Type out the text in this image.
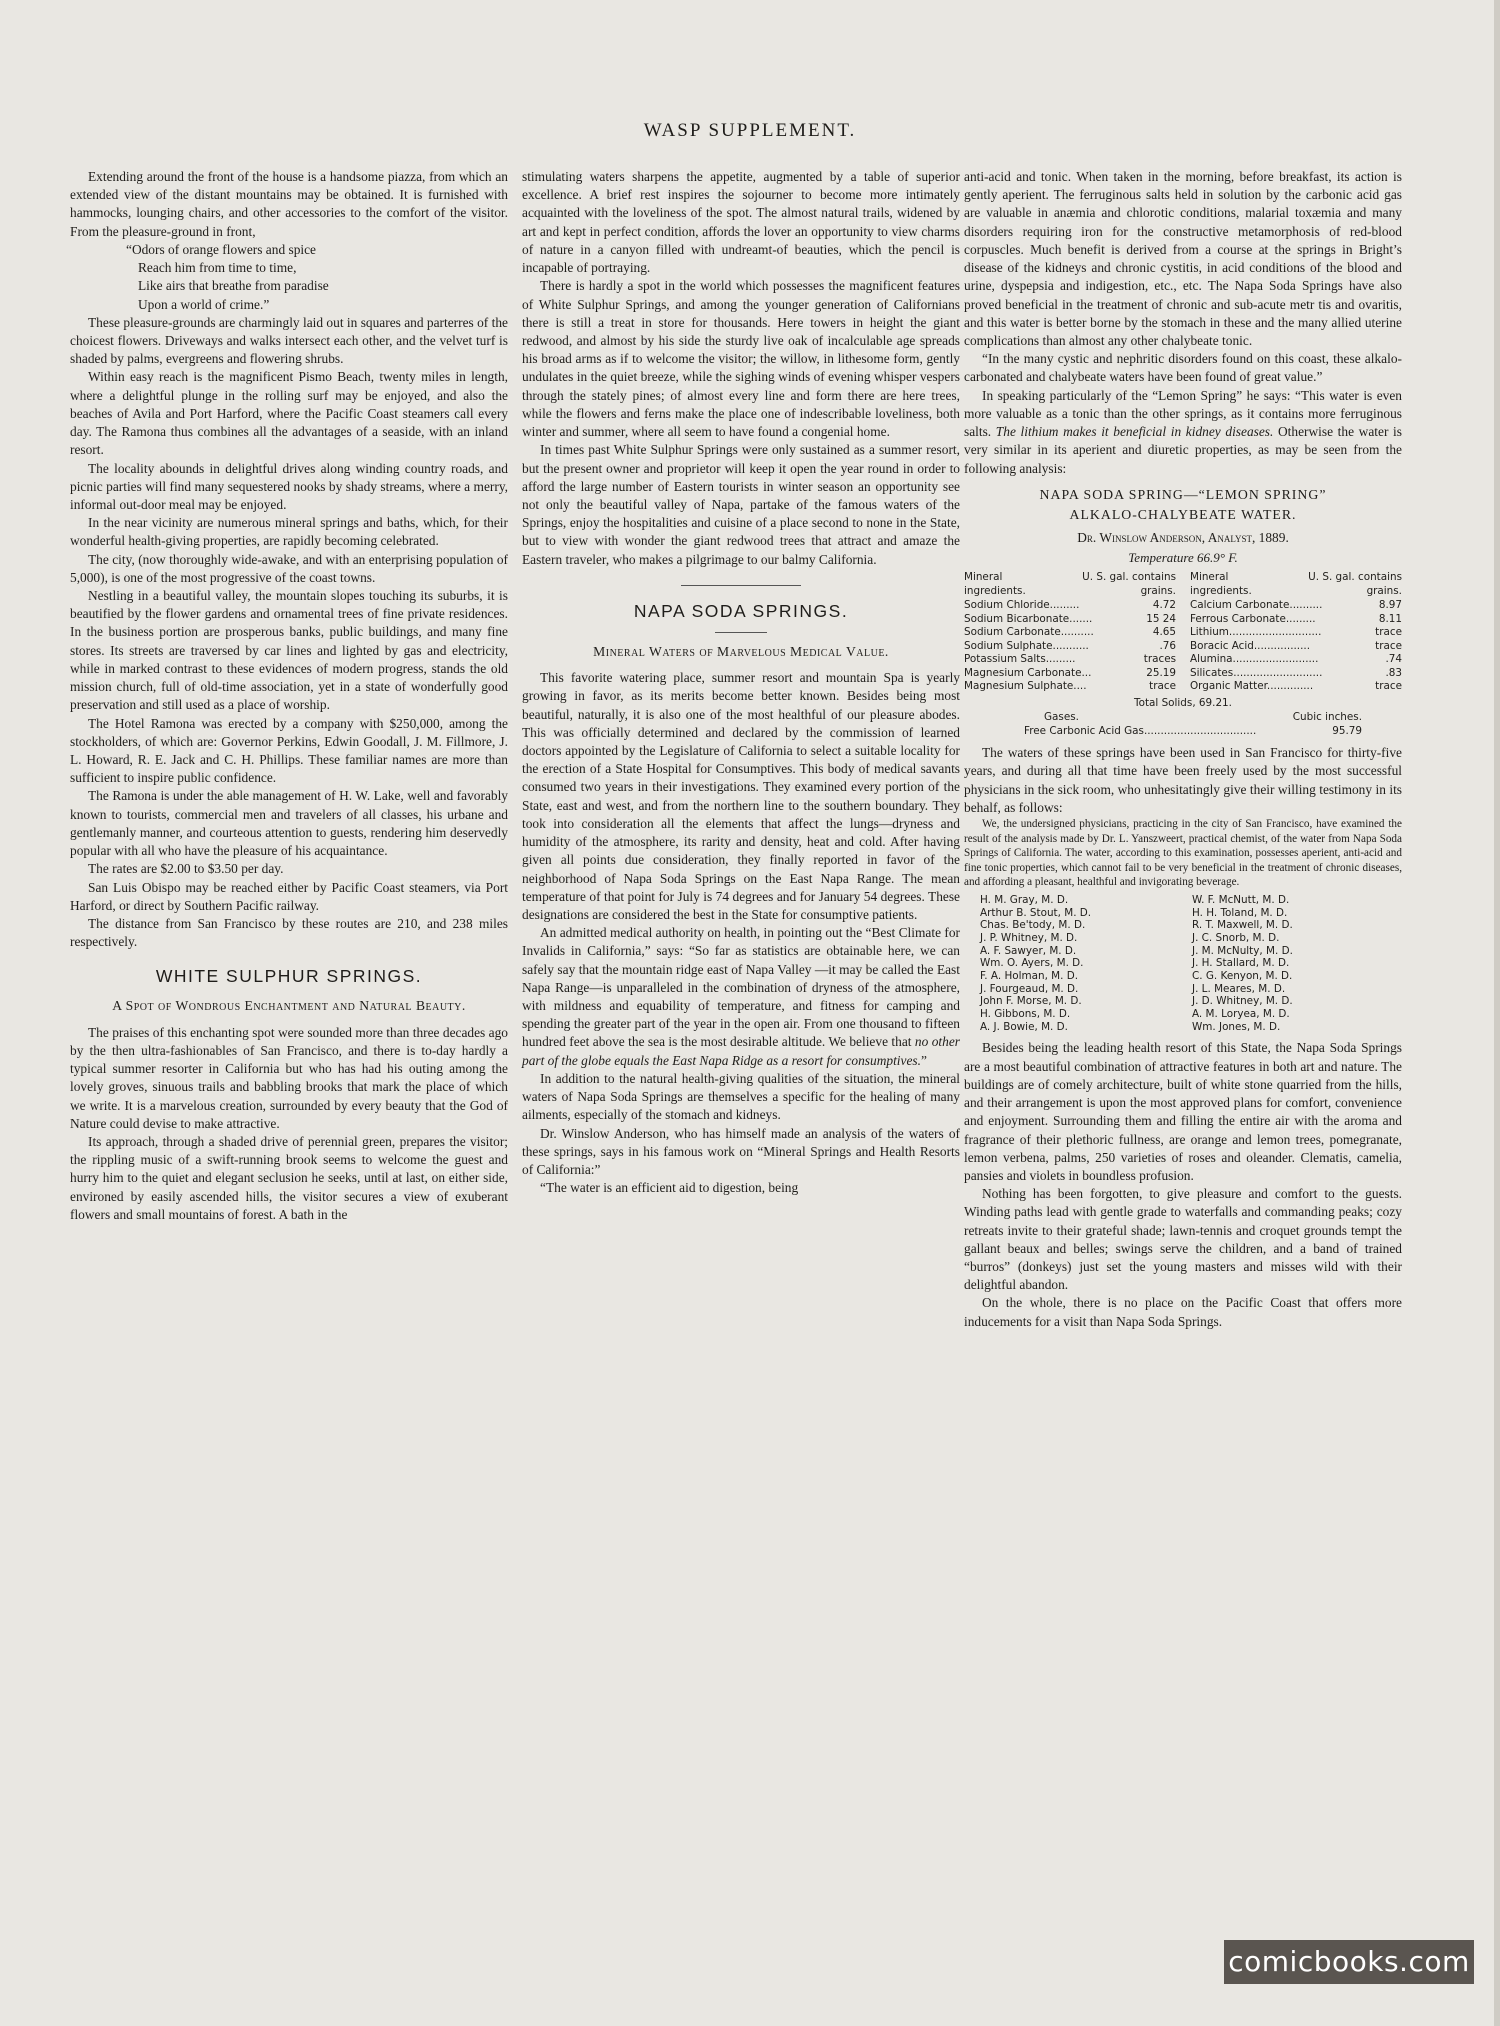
WASP SUPPLEMENT.

Extending around the front of the house is a handsome piazza, from which an extended view of the distant mountains may be obtained. It is furnished with hammocks, lounging chairs, and other accessories to the comfort of the visitor. From the pleasure-ground in front,

“Odors of orange flowers and spice
Reach him from time to time,
Like airs that breathe from paradise
Upon a world of crime.”

These pleasure-grounds are charmingly laid out in squares and parterres of the choicest flowers. Driveways and walks intersect each other, and the velvet turf is shaded by palms, evergreens and flowering shrubs.

Within easy reach is the magnificent Pismo Beach, twenty miles in length, where a delightful plunge in the rolling surf may be enjoyed, and also the beaches of Avila and Port Harford, where the Pacific Coast steamers call every day. The Ramona thus combines all the advantages of a seaside, with an inland resort.

The locality abounds in delightful drives along winding country roads, and picnic parties will find many sequestered nooks by shady streams, where a merry, informal out-door meal may be enjoyed.

In the near vicinity are numerous mineral springs and baths, which, for their wonderful health-giving properties, are rapidly becoming celebrated.

The city, (now thoroughly wide-awake, and with an enterprising population of 5,000), is one of the most progressive of the coast towns.

Nestling in a beautiful valley, the mountain slopes touching its suburbs, it is beautified by the flower gardens and ornamental trees of fine private residences. In the business portion are prosperous banks, public buildings, and many fine stores. Its streets are traversed by car lines and lighted by gas and electricity, while in marked contrast to these evidences of modern progress, stands the old mission church, full of old-time association, yet in a state of wonderfully good preservation and still used as a place of worship.

The Hotel Ramona was erected by a company with $250,000, among the stockholders, of which are: Governor Perkins, Edwin Goodall, J. M. Fillmore, J. L. Howard, R. E. Jack and C. H. Phillips. These familiar names are more than sufficient to inspire public confidence.

The Ramona is under the able management of H. W. Lake, well and favorably known to tourists, commercial men and travelers of all classes, his urbane and gentlemanly manner, and courteous attention to guests, rendering him deservedly popular with all who have the pleasure of his acquaintance.

The rates are $2.00 to $3.50 per day.

San Luis Obispo may be reached either by Pacific Coast steamers, via Port Harford, or direct by Southern Pacific railway.

The distance from San Francisco by these routes are 210, and 238 miles respectively.

WHITE SULPHUR SPRINGS.
A Spot of Wondrous Enchantment and Natural Beauty.

The praises of this enchanting spot were sounded more than three decades ago by the then ultra-fashionables of San Francisco, and there is to-day hardly a typical summer resorter in California but who has had his outing among the lovely groves, sinuous trails and babbling brooks that mark the place of which we write. It is a marvelous creation, surrounded by every beauty that the God of Nature could devise to make attractive.

Its approach, through a shaded drive of perennial green, prepares the visitor; the rippling music of a swift-running brook seems to welcome the guest and hurry him to the quiet and elegant seclusion he seeks, until at last, on either side, environed by easily ascended hills, the visitor secures a view of exuberant flowers and small mountains of forest. A bath in the

stimulating waters sharpens the appetite, augmented by a table of superior excellence. A brief rest inspires the sojourner to become more intimately acquainted with the loveliness of the spot. The almost natural trails, widened by art and kept in perfect condition, affords the lover an opportunity to view charms of nature in a canyon filled with undreamt-of beauties, which the pencil is incapable of portraying.

There is hardly a spot in the world which possesses the magnificent features of White Sulphur Springs, and among the younger generation of Californians there is still a treat in store for thousands. Here towers in height the giant redwood, and almost by his side the sturdy live oak of incalculable age spreads his broad arms as if to welcome the visitor; the willow, in lithesome form, gently undulates in the quiet breeze, while the sighing winds of evening whisper vespers through the stately pines; of almost every line and form there are here trees, while the flowers and ferns make the place one of indescribable loveliness, both winter and summer, where all seem to have found a congenial home.

In times past White Sulphur Springs were only sustained as a summer resort, but the present owner and proprietor will keep it open the year round in order to afford the large number of Eastern tourists in winter season an opportunity see not only the beautiful valley of Napa, partake of the famous waters of the Springs, enjoy the hospitalities and cuisine of a place second to none in the State, but to view with wonder the giant redwood trees that attract and amaze the Eastern traveler, who makes a pilgrimage to our balmy California.

NAPA SODA SPRINGS.
Mineral Waters of Marvelous Medical Value.

This favorite watering place, summer resort and mountain Spa is yearly growing in favor, as its merits become better known. Besides being most beautiful, naturally, it is also one of the most healthful of our pleasure abodes. This was officially determined and declared by the commission of learned doctors appointed by the Legislature of California to select a suitable locality for the erection of a State Hospital for Consumptives. This body of medical savants consumed two years in their investigations. They examined every portion of the State, east and west, and from the northern line to the southern boundary. They took into consideration all the elements that affect the lungs—dryness and humidity of the atmosphere, its rarity and density, heat and cold. After having given all points due consideration, they finally reported in favor of the neighborhood of Napa Soda Springs on the East Napa Range. The mean temperature of that point for July is 74 degrees and for January 54 degrees. These designations are considered the best in the State for consumptive patients.

An admitted medical authority on health, in pointing out the “Best Climate for Invalids in California,” says: “So far as statistics are obtainable here, we can safely say that the mountain ridge east of Napa Valley —it may be called the East Napa Range—is unparalleled in the combination of dryness of the atmosphere, with mildness and equability of temperature, and fitness for camping and spending the greater part of the year in the open air. From one thousand to fifteen hundred feet above the sea is the most desirable altitude. We believe that no other part of the globe equals the East Napa Ridge as a resort for consumptives.”

In addition to the natural health-giving qualities of the situation, the mineral waters of Napa Soda Springs are themselves a specific for the healing of many ailments, especially of the stomach and kidneys.

Dr. Winslow Anderson, who has himself made an analysis of the waters of these springs, says in his famous work on “Mineral Springs and Health Resorts of California:”

“The water is an efficient aid to digestion, being

anti-acid and tonic. When taken in the morning, before breakfast, its action is gently aperient. The ferruginous salts held in solution by the carbonic acid gas are valuable in anæmia and chlorotic conditions, malarial toxæmia and many disorders requiring iron for the constructive metamorphosis of red-blood corpuscles. Much benefit is derived from a course at the springs in Bright’s disease of the kidneys and chronic cystitis, in acid conditions of the blood and urine, dyspepsia and indigestion, etc., etc. The Napa Soda Springs have also proved beneficial in the treatment of chronic and sub-acute metr tis and ovaritis, and this water is better borne by the stomach in these and the many allied uterine complications than almost any other chalybeate tonic.

“In the many cystic and nephritic disorders found on this coast, these alkalo-carbonated and chalybeate waters have been found of great value.”

In speaking particularly of the “Lemon Spring” he says: “This water is even more valuable as a tonic than the other springs, as it contains more ferruginous salts. The lithium makes it beneficial in kidney diseases. Otherwise the water is very similar in its aperient and diuretic properties, as may be seen from the following analysis:

NAPA SODA SPRING—“LEMON SPRING”
ALKALO-CHALYBEATE WATER.
Dr. Winslow Anderson, Analyst, 1889.
Temperature 66.9° F.
Mineral ingredients.
U. S. gal. contains grains.
Sodium Chloride.........	4.72
Sodium Bicarbonate.......	15 24
Sodium Carbonate..........	4.65
Sodium Sulphate...........	.76
Potassium Salts.........	traces
Magnesium Carbonate...	25.19
Magnesium Sulphate....	trace
Mineral ingredients.
U. S. gal. contains grains.
Calcium Carbonate..........	8.97
Ferrous Carbonate.........	8.11
Lithium............................	trace
Boracic Acid.................	trace
Alumina..........................	.74
Silicates...........................	.83
Organic Matter..............	trace
Total Solids, 69.21.
Gases.	Cubic inches.
Free Carbonic Acid Gas..................................	95.79

The waters of these springs have been used in San Francisco for thirty-five years, and during all that time have been freely used by the most successful physicians in the sick room, who unhesitatingly give their willing testimony in its behalf, as follows:

We, the undersigned physicians, practicing in the city of San Francisco, have examined the result of the analysis made by Dr. L. Yanszweert, practical chemist, of the water from Napa Soda Springs of California. The water, according to this examination, possesses aperient, anti-acid and fine tonic properties, which cannot fail to be very beneficial in the treatment of chronic diseases, and affording a pleasant, healthful and invigorating beverage.

H. M. Gray, M. D.
Arthur B. Stout, M. D.
Chas. Be'tody, M. D.
J. P. Whitney, M. D.
A. F. Sawyer, M. D.
Wm. O. Ayers, M. D.
F. A. Holman, M. D.
J. Fourgeaud, M. D.
John F. Morse, M. D.
H. Gibbons, M. D.
A. J. Bowie, M. D.
W. F. McNutt, M. D.
H. H. Toland, M. D.
R. T. Maxwell, M. D.
J. C. Snorb, M. D.
J. M. McNulty, M. D.
J. H. Stallard, M. D.
C. G. Kenyon, M. D.
J. L. Meares, M. D.
J. D. Whitney, M. D.
A. M. Loryea, M. D.
Wm. Jones, M. D.

Besides being the leading health resort of this State, the Napa Soda Springs are a most beautiful combination of attractive features in both art and nature. The buildings are of comely architecture, built of white stone quarried from the hills, and their arrangement is upon the most approved plans for comfort, convenience and enjoyment. Surrounding them and filling the entire air with the aroma and fragrance of their plethoric fullness, are orange and lemon trees, pomegranate, lemon verbena, palms, 250 varieties of roses and oleander. Clematis, camelia, pansies and violets in boundless profusion.

Nothing has been forgotten, to give pleasure and comfort to the guests. Winding paths lead with gentle grade to waterfalls and commanding peaks; cozy retreats invite to their grateful shade; lawn-tennis and croquet grounds tempt the gallant beaux and belles; swings serve the children, and a band of trained “burros” (donkeys) just set the young masters and misses wild with their delightful abandon.

On the whole, there is no place on the Pacific Coast that offers more inducements for a visit than Napa Soda Springs.

comicbooks.com
